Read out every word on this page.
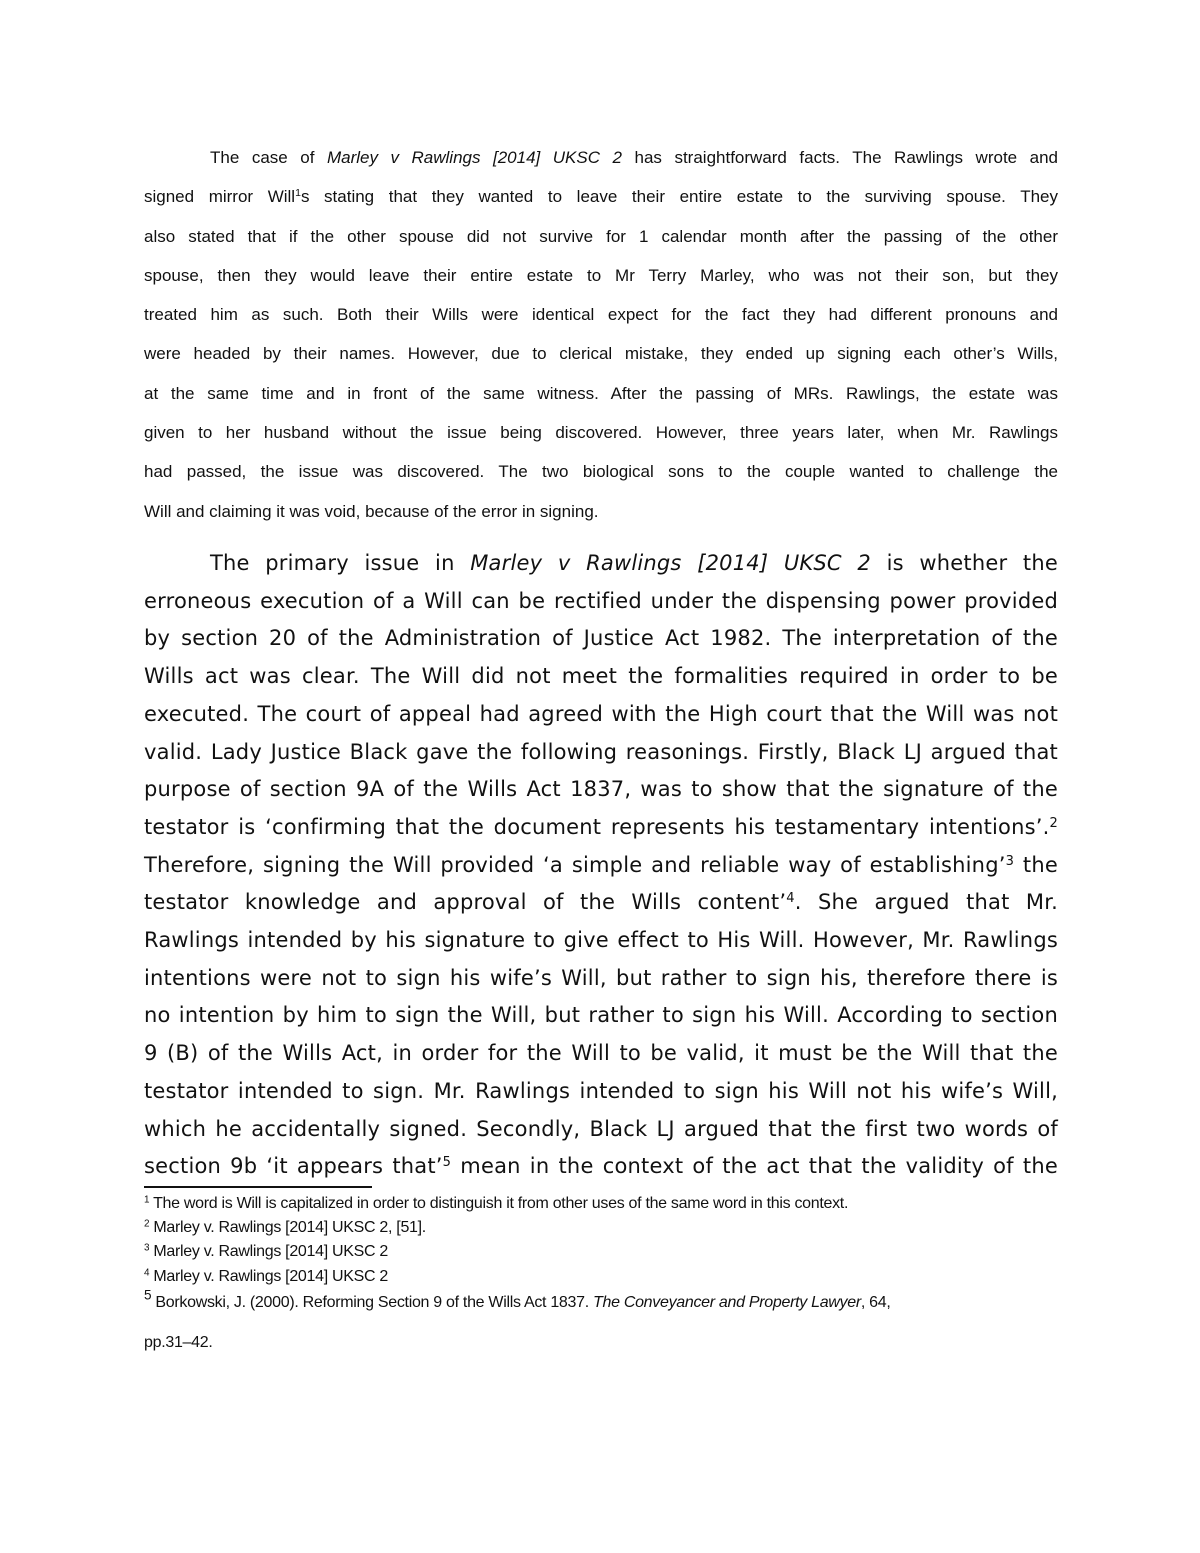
The case of Marley v Rawlings [2014] UKSC 2 has straightforward facts. The Rawlings wrote and
signed mirror Will$^1$s stating that they wanted to leave their entire estate to the surviving spouse. They
also stated that if the other spouse did not survive for 1 calendar month after the passing of the other
spouse, then they would leave their entire estate to Mr Terry Marley, who was not their son, but they
treated him as such. Both their Wills were identical expect for the fact they had different pronouns and
were headed by their names. However, due to clerical mistake, they ended up signing each other’s Wills,
at the same time and in front of the same witness. After the passing of MRs. Rawlings, the estate was
given to her husband without the issue being discovered. However, three years later, when Mr. Rawlings
had passed, the issue was discovered. The two biological sons to the couple wanted to challenge the
Will and claiming it was void, because of the error in signing.
The primary issue in Marley v Rawlings [2014] UKSC 2 is whether the
erroneous execution of a Will can be rectified under the dispensing power provided
by section 20 of the Administration of Justice Act 1982. The interpretation of the
Wills act was clear. The Will did not meet the formalities required in order to be
executed. The court of appeal had agreed with the High court that the Will was not
valid. Lady Justice Black gave the following reasonings. Firstly, Black LJ argued that
purpose of section 9A of the Wills Act 1837, was to show that the signature of the
testator is ‘confirming that the document represents his testamentary intentions’.$^2$
Therefore, signing the Will provided ‘a simple and reliable way of establishing’$^3$ the
testator knowledge and approval of the Wills content’$^4$. She argued that Mr.
Rawlings intended by his signature to give effect to His Will. However, Mr. Rawlings
intentions were not to sign his wife’s Will, but rather to sign his, therefore there is
no intention by him to sign the Will, but rather to sign his Will. According to section
9 (B) of the Wills Act, in order for the Will to be valid, it must be the Will that the
testator intended to sign. Mr. Rawlings intended to sign his Will not his wife’s Will,
which he accidentally signed. Secondly, Black LJ argued that the first two words of
section 9b ‘it appears that’$^5$ mean in the context of the act that the validity of the
$^1$ The word is Will is capitalized in order to distinguish it from other uses of the same word in this context.
$^2$ Marley v. Rawlings [2014] UKSC 2, [51].
$^3$ Marley v. Rawlings [2014] UKSC 2
$^4$ Marley v. Rawlings [2014] UKSC 2
$^5$ Borkowski, J. (2000). Reforming Section 9 of the Wills Act 1837. The Conveyancer and Property Lawyer, 64,
pp.31–42.
